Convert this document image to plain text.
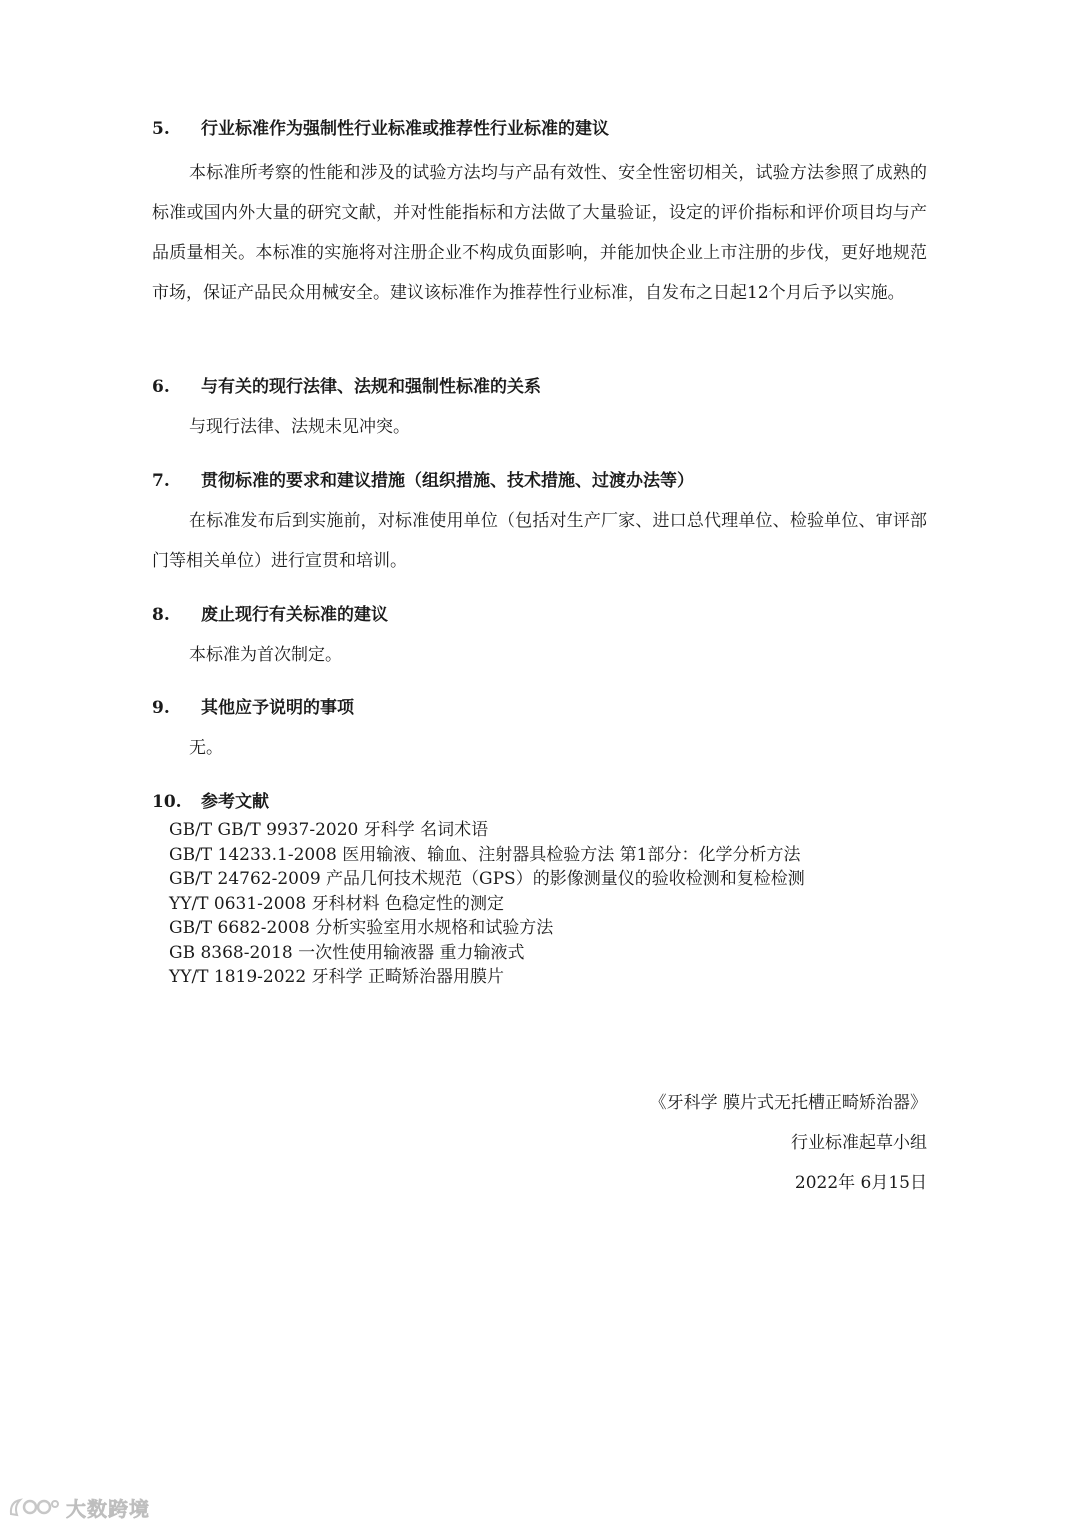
5. 行业标准作为强制性行业标准或推荐性行业标准的建议
本标准所考察的性能和涉及的试验方法均与产品有效性、安全性密切相关，试验方法参照了成熟的标准或国内外大量的研究文献，并对性能指标和方法做了大量验证，设定的评价指标和评价项目均与产品质量相关。本标准的实施将对注册企业不构成负面影响，并能加快企业上市注册的步伐，更好地规范市场，保证产品民众用械安全。建议该标准作为推荐性行业标准，自发布之日起12个月后予以实施。
6. 与有关的现行法律、法规和强制性标准的关系
与现行法律、法规未见冲突。
7. 贯彻标准的要求和建议措施（组织措施、技术措施、过渡办法等）
在标准发布后到实施前，对标准使用单位（包括对生产厂家、进口总代理单位、检验单位、审评部门等相关单位）进行宣贯和培训。
8. 废止现行有关标准的建议
本标准为首次制定。
9. 其他应予说明的事项
无。
10. 参考文献
GB/T GB/T 9937-2020 牙科学 名词术语
GB/T 14233.1-2008 医用输液、输血、注射器具检验方法 第1部分：化学分析方法
GB/T 24762-2009 产品几何技术规范（GPS）的影像测量仪的验收检测和复检检测
YY/T 0631-2008 牙科材料 色稳定性的测定
GB/T 6682-2008 分析实验室用水规格和试验方法
GB 8368-2018 一次性使用输液器 重力输液式
YY/T 1819-2022 牙科学 正畸矫治器用膜片
《牙科学 膜片式无托槽正畸矫治器》
行业标准起草小组
2022年 6月15日
大数跨境
